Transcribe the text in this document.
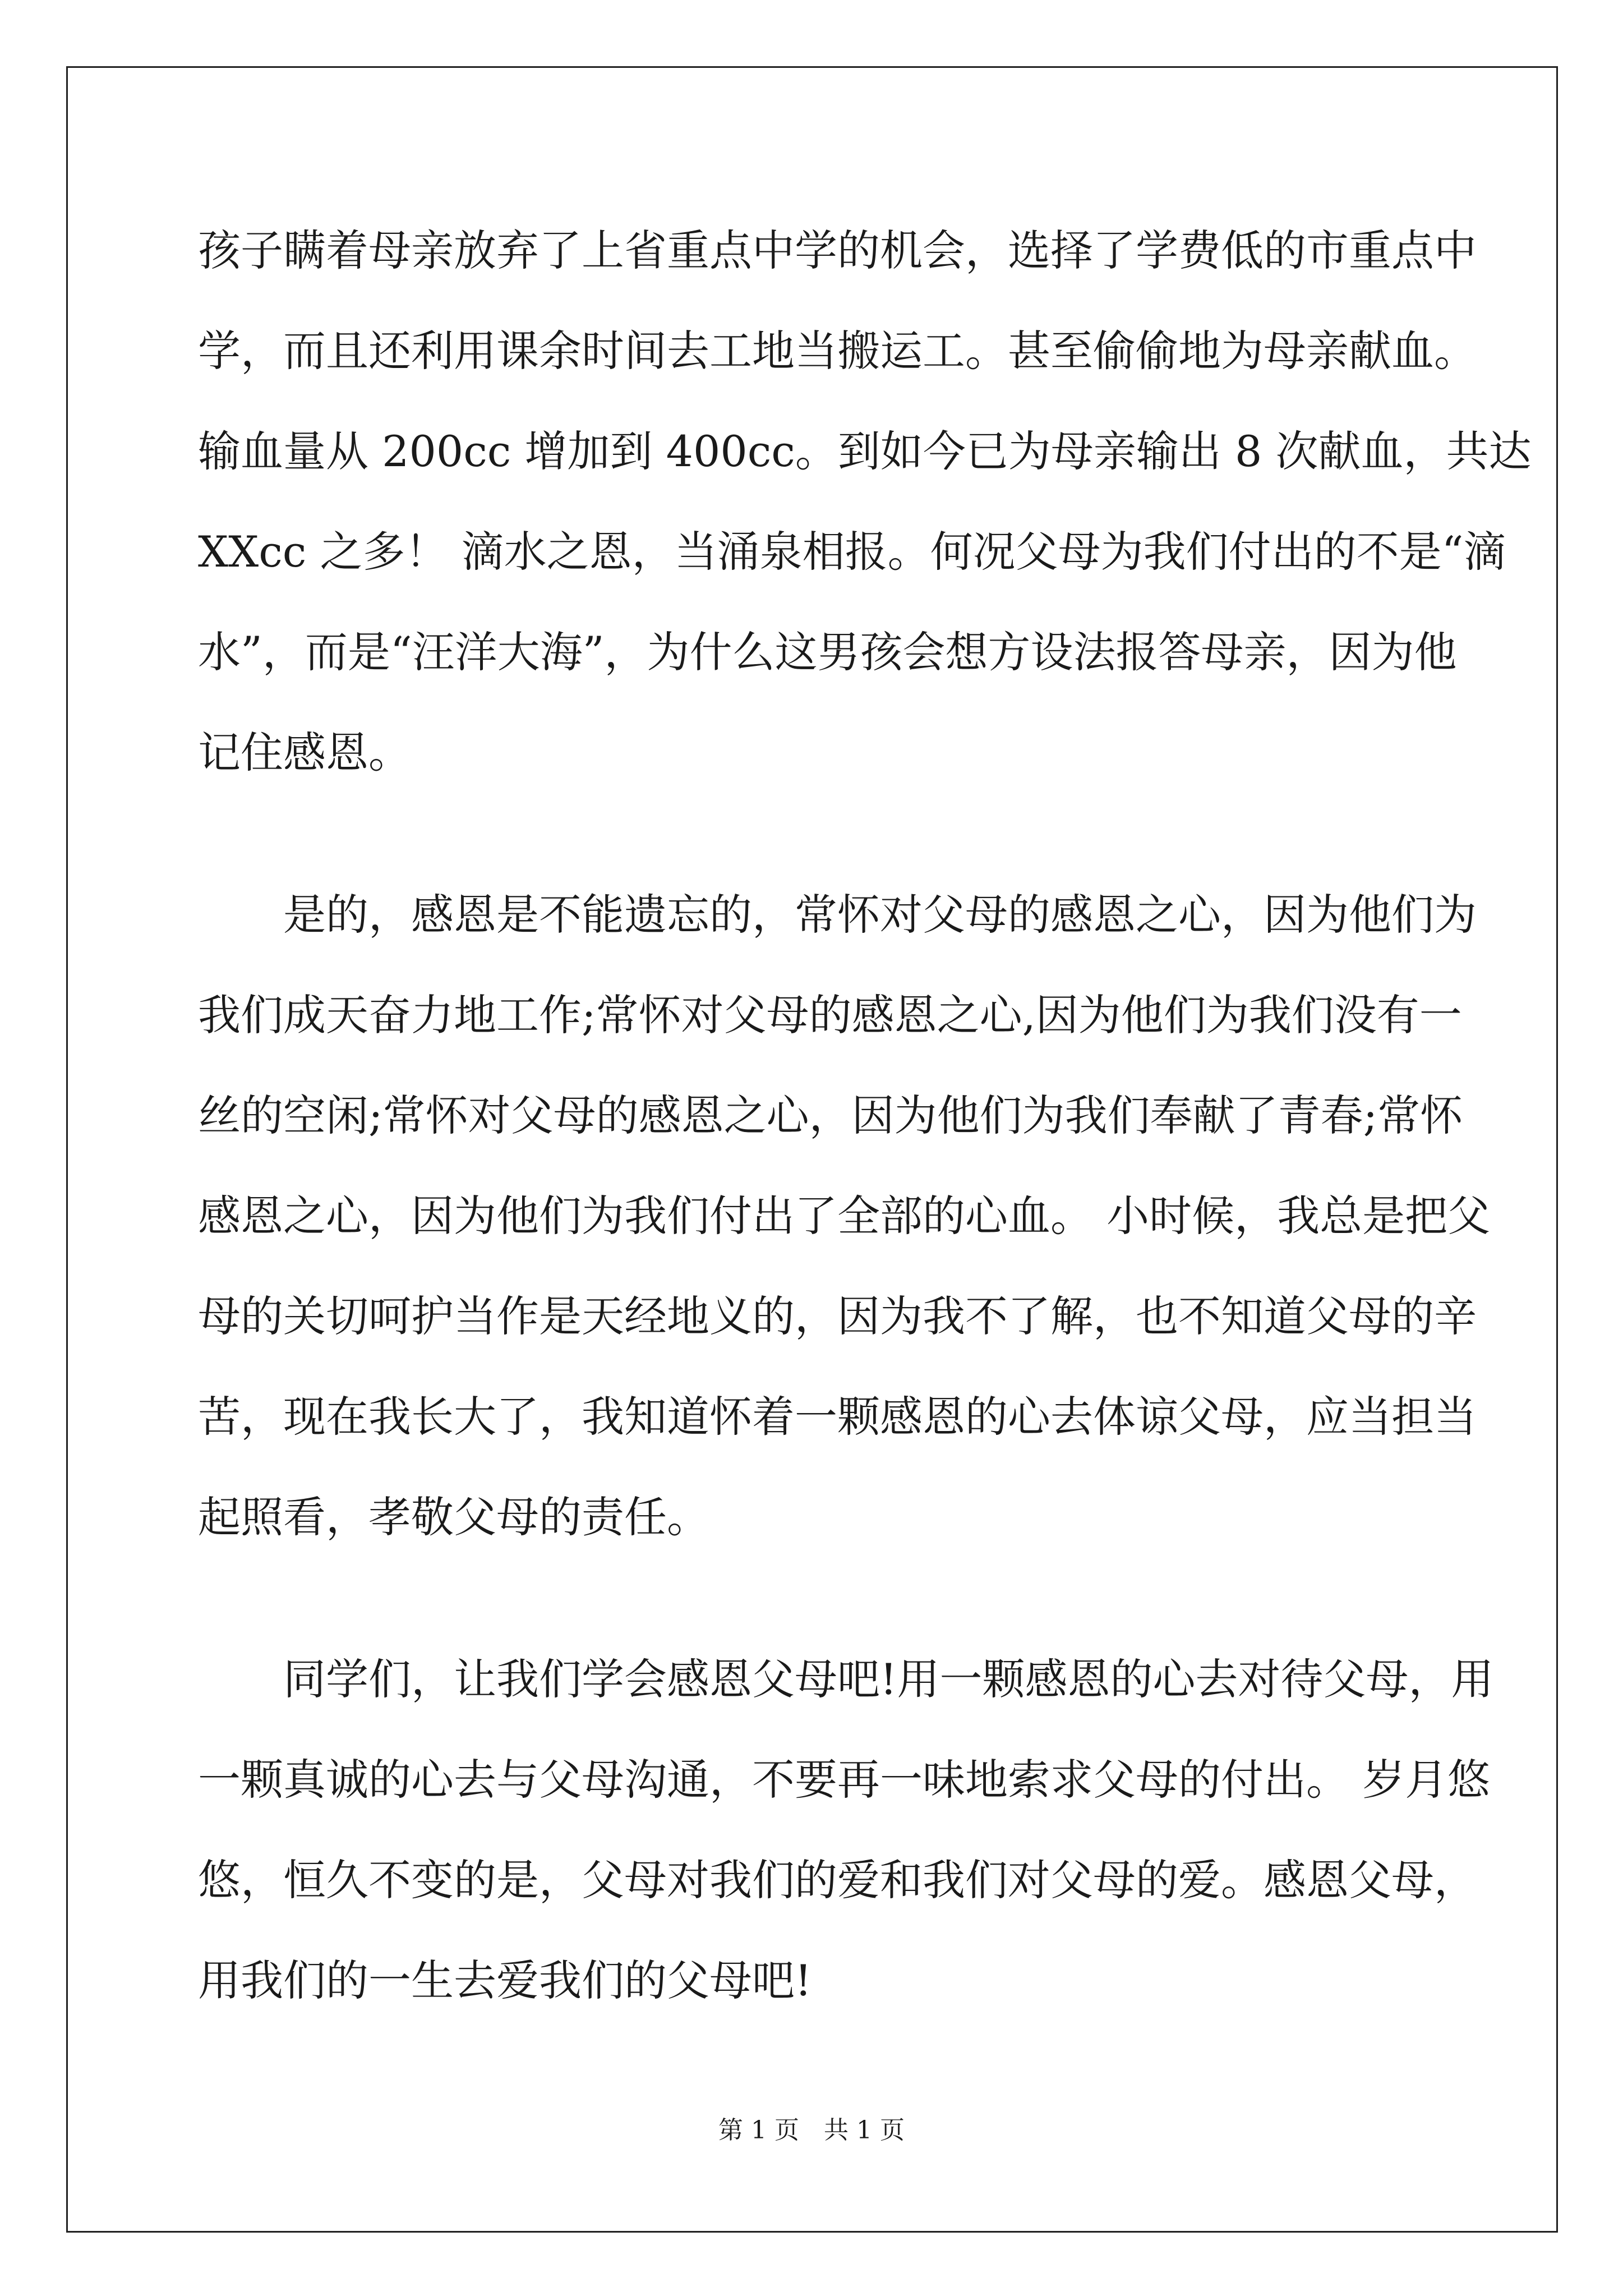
孩子瞒着母亲放弃了上省重点中学的机会，选择了学费低的市重点中
学，而且还利用课余时间去工地当搬运工。甚至偷偷地为母亲献血。
输血量从 200cc 增加到 400cc。到如今已为母亲输出 8 次献血，共达
XXcc 之多！ 滴水之恩，当涌泉相报。何况父母为我们付出的不是“滴
水”，而是“汪洋大海”，为什么这男孩会想方设法报答母亲，因为他
记住感恩。
是的，感恩是不能遗忘的，常怀对父母的感恩之心，因为他们为
我们成天奋力地工作;常怀对父母的感恩之心,因为他们为我们没有一
丝的空闲;常怀对父母的感恩之心，因为他们为我们奉献了青春;常怀
感恩之心，因为他们为我们付出了全部的心血。 小时候，我总是把父
母的关切呵护当作是天经地义的，因为我不了解，也不知道父母的辛
苦，现在我长大了，我知道怀着一颗感恩的心去体谅父母，应当担当
起照看，孝敬父母的责任。
同学们，让我们学会感恩父母吧!用一颗感恩的心去对待父母，用
一颗真诚的心去与父母沟通，不要再一味地索求父母的付出。 岁月悠
悠，恒久不变的是，父母对我们的爱和我们对父母的爱。感恩父母，
用我们的一生去爱我们的父母吧!
第 1 页　共 1 页
